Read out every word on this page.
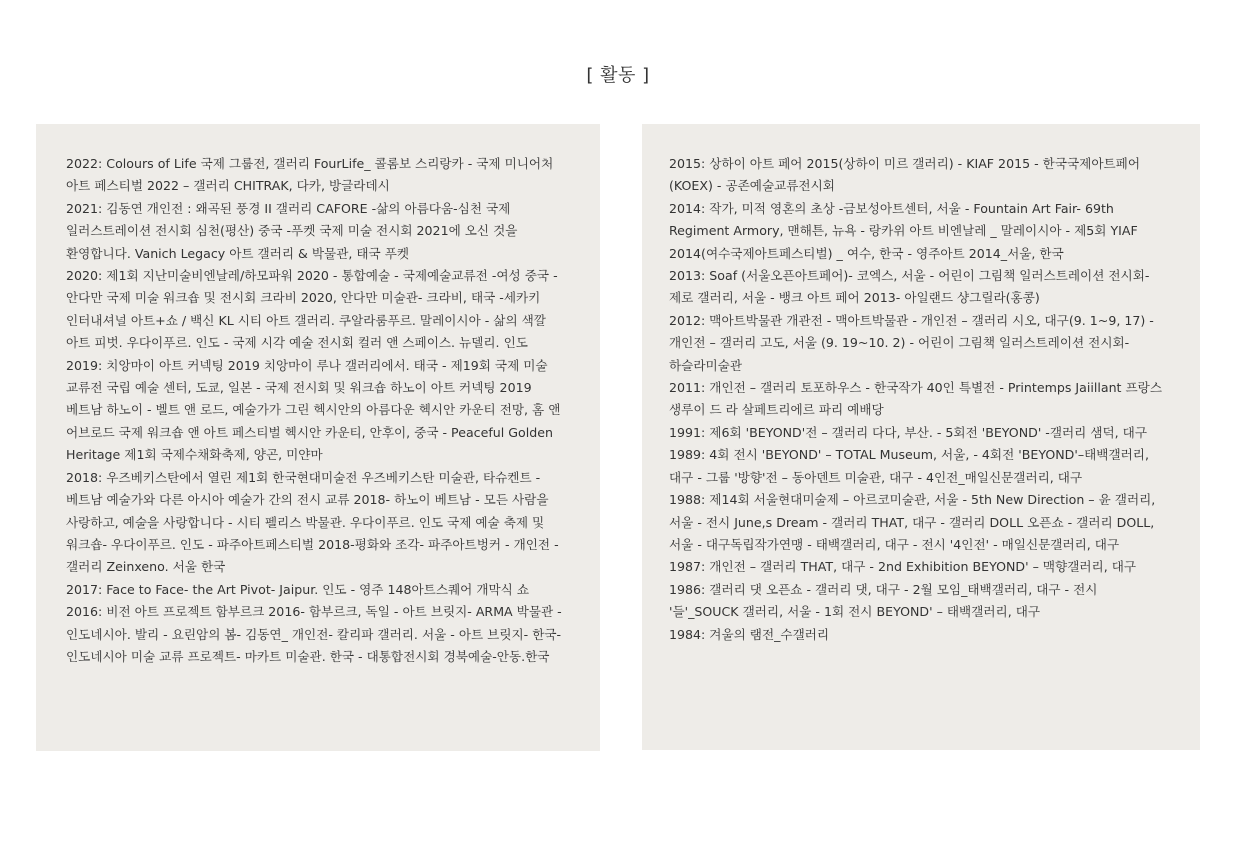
[ 활동 ]

2022: Colours of Life 국제 그룹전, 갤러리 FourLife_ 콜롬보 스리랑카 - 국제 미니어처 아트 페스티벌 2022 – 갤러리 CHITRAK, 다카, 방글라데시

2021: 김동연 개인전 : 왜곡된 풍경 II 갤러리 CAFORE -삶의 아름다움-심천 국제 일러스트레이션 전시회 심천(평산) 중국 -푸켓 국제 미술 전시회 2021에 오신 것을 환영합니다. Vanich Legacy 아트 갤러리 & 박물관, 태국 푸켓

2020: 제1회 지난미술비엔날레/하모파워 2020 - 통합예술 - 국제예술교류전 -여성 중국 - 안다만 국제 미술 워크숍 및 전시회 크라비 2020, 안다만 미술관- 크라비, 태국 -세카키 인터내셔널 아트+쇼 / 백신 KL 시티 아트 갤러리. 쿠알라룸푸르. 말레이시아 - 삶의 색깔 아트 피벗. 우다이푸르. 인도 - 국제 시각 예술 전시회 컬러 앤 스페이스. 뉴델리. 인도

2019: 치앙마이 아트 커넥팅 2019 치앙마이 루나 갤러리에서. 태국 - 제19회 국제 미술 교류전 국립 예술 센터, 도쿄, 일본 - 국제 전시회 및 워크숍 하노이 아트 커넥팅 2019 베트남 하노이 - 벨트 앤 로드, 예술가가 그린 헥시안의 아름다운 헥시안 카운티 전망, 홈 앤 어브로드 국제 워크숍 앤 아트 페스티벌 헥시안 카운티, 안후이, 중국 - Peaceful Golden Heritage 제1회 국제수채화축제, 양곤, 미얀마

2018: 우즈베키스탄에서 열린 제1회 한국현대미술전 우즈베키스탄 미술관, 타슈켄트 - 베트남 예술가와 다른 아시아 예술가 간의 전시 교류 2018- 하노이 베트남 - 모든 사람을 사랑하고, 예술을 사랑합니다 - 시티 펠리스 박물관. 우다이푸르. 인도 국제 예술 축제 및 워크숍- 우다이푸르. 인도 - 파주아트페스티벌 2018-평화와 조각- 파주아트벙커 - 개인전 - 갤러리 Zeinxeno. 서울 한국

2017: Face to Face- the Art Pivot- Jaipur. 인도 - 영주 148아트스퀘어 개막식 쇼

2016: 비전 아트 프로젝트 함부르크 2016- 함부르크, 독일 - 아트 브릿지- ARMA 박물관 - 인도네시아. 발리 - 요린암의 봄- 김동연_ 개인전- 칼리파 갤러리. 서울 - 아트 브릿지- 한국-인도네시아 미술 교류 프로젝트- 마카트 미술관. 한국 - 대통합전시회 경북예술-안동.한국

2015: 상하이 아트 페어 2015(상하이 미르 갤러리) - KIAF 2015 - 한국국제아트페어(KOEX) - 공존예술교류전시회

2014: 작가, 미적 영혼의 초상 -금보성아트센터, 서울 - Fountain Art Fair- 69th Regiment Armory, 맨해튼, 뉴욕 - 랑카위 아트 비엔날레 _ 말레이시아 - 제5회 YIAF 2014(여수국제아트페스티벌) _ 여수, 한국 - 영주아트 2014_서울, 한국

2013: Soaf (서울오픈아트페어)- 코엑스, 서울 - 어린이 그림책 일러스트레이션 전시회- 제로 갤러리, 서울 - 뱅크 아트 페어 2013- 아일랜드 샹그릴라(홍콩)

2012: 맥아트박물관 개관전 - 맥아트박물관 - 개인전 – 갤러리 시오, 대구(9. 1~9, 17) - 개인전 – 갤러리 고도, 서울 (9. 19~10. 2) - 어린이 그림책 일러스트레이션 전시회- 하슬라미술관

2011: 개인전 – 갤러리 토포하우스 - 한국작가 40인 특별전 - Printemps Jaiillant 프랑스 생루이 드 라 살페트리에르 파리 예배당

1991: 제6회 'BEYOND'전 – 갤러리 다다, 부산. - 5회전 'BEYOND' -갤러리 샘덕, 대구

1989: 4회 전시 'BEYOND' – TOTAL Museum, 서울, - 4회전 'BEYOND'–태백갤러리, 대구 - 그룹 '방향'전 – 동아덴트 미술관, 대구 - 4인전_매일신문갤러리, 대구

1988: 제14회 서울현대미술제 – 아르코미술관, 서울 - 5th New Direction – 윤 갤러리, 서울 - 전시 June,s Dream - 갤러리 THAT, 대구 - 갤러리 DOLL 오픈쇼 - 갤러리 DOLL, 서울 - 대구독립작가연맹 - 태백갤러리, 대구 - 전시 '4인전' - 매일신문갤러리, 대구

1987: 개인전 – 갤러리 THAT, 대구 - 2nd Exhibition BEYOND' – 맥향갤러리, 대구

1986: 갤러리 댓 오픈쇼 - 갤러리 댓, 대구 - 2월 모임_태백갤러리, 대구 - 전시 '들'_SOUCK 갤러리, 서울 - 1회 전시 BEYOND' – 태백갤러리, 대구

1984: 겨울의 램전_수갤러리
